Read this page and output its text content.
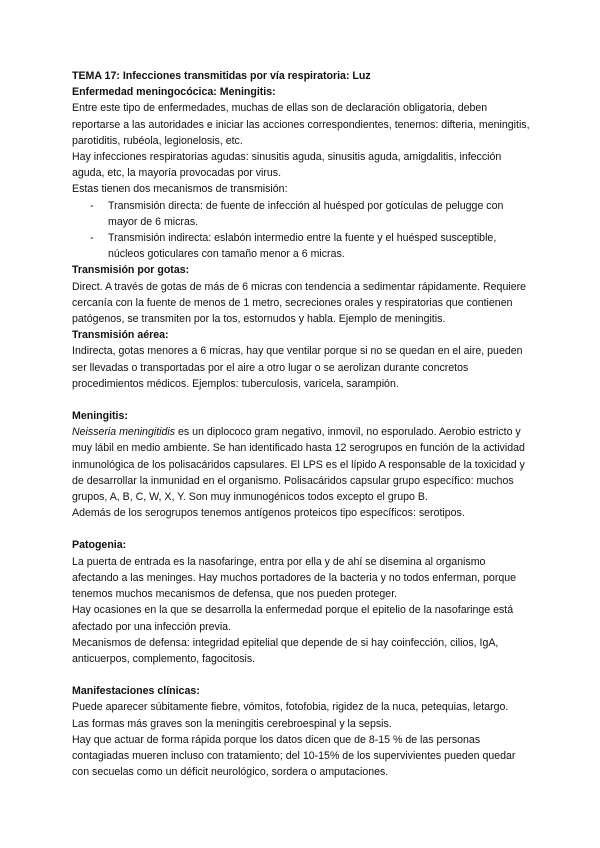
TEMA 17: Infecciones transmitidas por vía respiratoria: Luz

Enfermedad meningocócica: Meningitis:

Entre este tipo de enfermedades, muchas de ellas son de declaración obligatoria, deben reportarse a las autoridades e iniciar las acciones correspondientes, tenemos: difteria, meningitis, parotiditis, rubéola, legionelosis, etc.

Hay infecciones respiratorias agudas: sinusitis aguda, sinusitis aguda, amigdalitis, infección aguda, etc, la mayoría provocadas por virus.

Estas tienen dos mecanismos de transmisión:

- Transmisión directa: de fuente de infección al huésped por gotículas de pelugge con mayor de 6 micras.
- Transmisión indirecta: eslabón intermedio entre la fuente y el huésped susceptible, núcleos goticulares con tamaño menor a 6 micras.

Transmisión por gotas:

Direct. A través de gotas de más de 6 micras con tendencia a sedimentar rápidamente. Requiere cercanía con la fuente de menos de 1 metro, secreciones orales y respiratorias que contienen patógenos, se transmiten por la tos, estornudos y habla. Ejemplo de meningitis.

Transmisión aérea:

Indirecta, gotas menores a 6 micras, hay que ventilar porque si no se quedan en el aire, pueden ser llevadas o transportadas por el aire a otro lugar o se aerolizan durante concretos procedimientos médicos. Ejemplos: tuberculosis, varicela, sarampión.

Meningitis:

Neisseria meningitidis es un diplococo gram negativo, inmovil, no esporulado. Aerobio estricto y muy lábil en medio ambiente. Se han identificado hasta 12 serogrupos en función de la actividad inmunológica de los polisacáridos capsulares. El LPS es el lípido A responsable de la toxicidad y de desarrollar la inmunidad en el organismo. Polisacáridos capsular grupo específico: muchos grupos, A, B, C, W, X, Y. Son muy inmunogénicos todos excepto el grupo B.

Además de los serogrupos tenemos antígenos proteicos tipo específicos: serotipos.

Patogenia:

La puerta de entrada es la nasofaringe, entra por ella y de ahí se disemina al organismo afectando a las meninges. Hay muchos portadores de la bacteria y no todos enferman, porque tenemos muchos mecanismos de defensa, que nos pueden proteger.

Hay ocasiones en la que se desarrolla la enfermedad porque el epitelio de la nasofaringe está afectado por una infección previa.

Mecanismos de defensa: integridad epitelial que depende de si hay coinfección, cilios, IgA, anticuerpos, complemento, fagocitosis.

Manifestaciones clínicas:

Puede aparecer súbitamente fiebre, vómitos, fotofobia, rigidez de la nuca, petequias, letargo.

Las formas más graves son la meningitis cerebroespinal y la sepsis.

Hay que actuar de forma rápida porque los datos dicen que de 8-15 % de las personas contagiadas mueren incluso con tratamiento; del 10-15% de los supervivientes pueden quedar con secuelas como un déficit neurológico, sordera o amputaciones.
